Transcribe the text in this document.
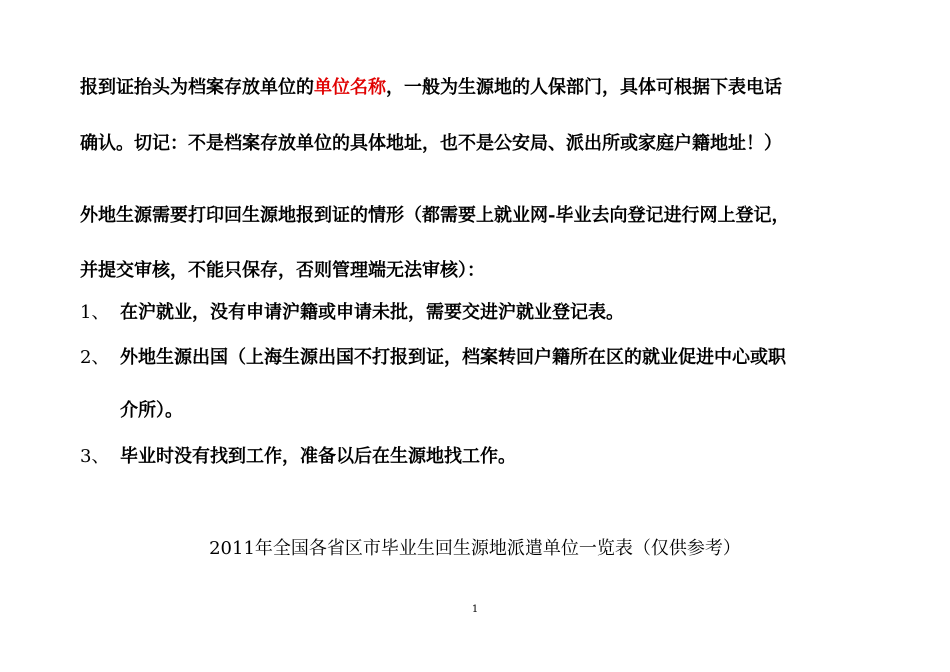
报到证抬头为档案存放单位的单位名称，一般为生源地的人保部门，具体可根据下表电话
确认。切记：不是档案存放单位的具体地址，也不是公安局、派出所或家庭户籍地址！）
外地生源需要打印回生源地报到证的情形（都需要上就业网-毕业去向登记进行网上登记，
并提交审核，不能只保存，否则管理端无法审核）：
1、 在沪就业，没有申请沪籍或申请未批，需要交进沪就业登记表。
2、 外地生源出国（上海生源出国不打报到证，档案转回户籍所在区的就业促进中心或职
介所）。
3、 毕业时没有找到工作，准备以后在生源地找工作。
2011年全国各省区市毕业生回生源地派遣单位一览表（仅供参考）
1
